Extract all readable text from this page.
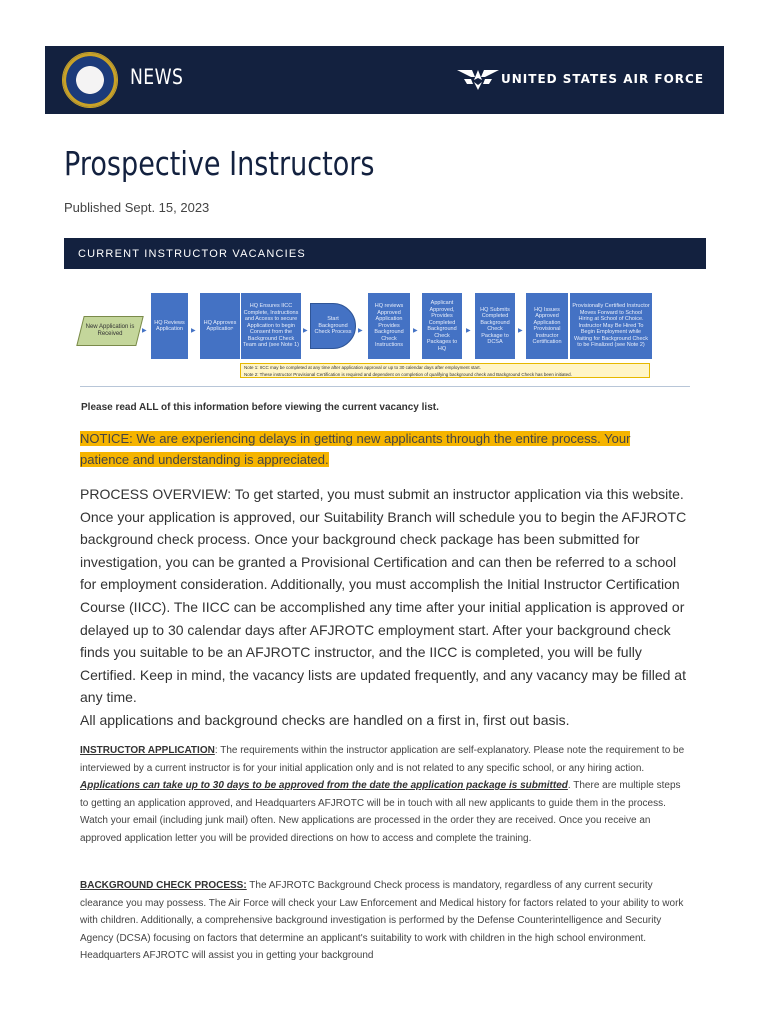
NEWS	UNITED STATES AIR FORCE
Prospective Instructors
Published Sept. 15, 2023
CURRENT INSTRUCTOR VACANCIES
New Application is Received	▶
HQ Reviews Application	▶
HQ Approves Application
▶
HQ Ensures IICC Complete, Instructions and Access to secure Application to begin Consent from the Background Check Team and (see Note 1)
▶
Start Background Check Process	▶
HQ reviews Approved Application Provides Background Check Instructions
▶
Applicant Approved, Provides Completed Background Check Packages to HQ
▶
HQ Submits Completed Background Check Package to DCSA
▶
HQ Issues Approved Application Provisional Instructor Certification
Provisionally Certified Instructor Moves Forward to School Hiring at School of Choice. Instructor May Be Hired To Begin Employment while Waiting for Background Check to be Finalized (see Note 2)
Note 1: IICC may be completed at any time after application approval or up to 30 calendar days after employment start.
Note 2: These instructor Provisional Certification is required and dependent on completion of qualifying background check and Background Check has been initiated.
Please read ALL of this information before viewing the current vacancy list.
NOTICE: We are experiencing delays in getting new applicants through the entire process. Your patience and understanding is appreciated.

PROCESS OVERVIEW: To get started, you must submit an instructor application via this website. Once your application is approved, our Suitability Branch will schedule you to begin the AFJROTC background check process. Once your background check package has been submitted for investigation, you can be granted a Provisional Certification and can then be referred to a school for employment consideration. Additionally, you must accomplish the Initial Instructor Certification Course (IICC). The IICC can be accomplished any time after your initial application is approved or delayed up to 30 calendar days after AFJROTC employment start. After your background check finds you suitable to be an AFJROTC instructor, and the IICC is completed, you will be fully Certified. Keep in mind, the vacancy lists are updated frequently, and any vacancy may be filled at any time.

All applications and background checks are handled on a first in, first out basis.

INSTRUCTOR APPLICATION: The requirements within the instructor application are self-explanatory. Please note the requirement to be interviewed by a current instructor is for your initial application only and is not related to any specific school, or any hiring action. Applications can take up to 30 days to be approved from the date the application package is submitted. There are multiple steps to getting an application approved, and Headquarters AFJROTC will be in touch with all new applicants to guide them in the process. Watch your email (including junk mail) often. New applications are processed in the order they are received. Once you receive an approved application letter you will be provided directions on how to access and complete the training.
BACKGROUND CHECK PROCESS: The AFJROTC Background Check process is mandatory, regardless of any current security clearance you may possess. The Air Force will check your Law Enforcement and Medical history for factors related to your ability to work with children. Additionally, a comprehensive background investigation is performed by the Defense Counterintelligence and Security Agency (DCSA) focusing on factors that determine an applicant's suitability to work with children in the high school environment. Headquarters AFJROTC will assist you in getting your background
